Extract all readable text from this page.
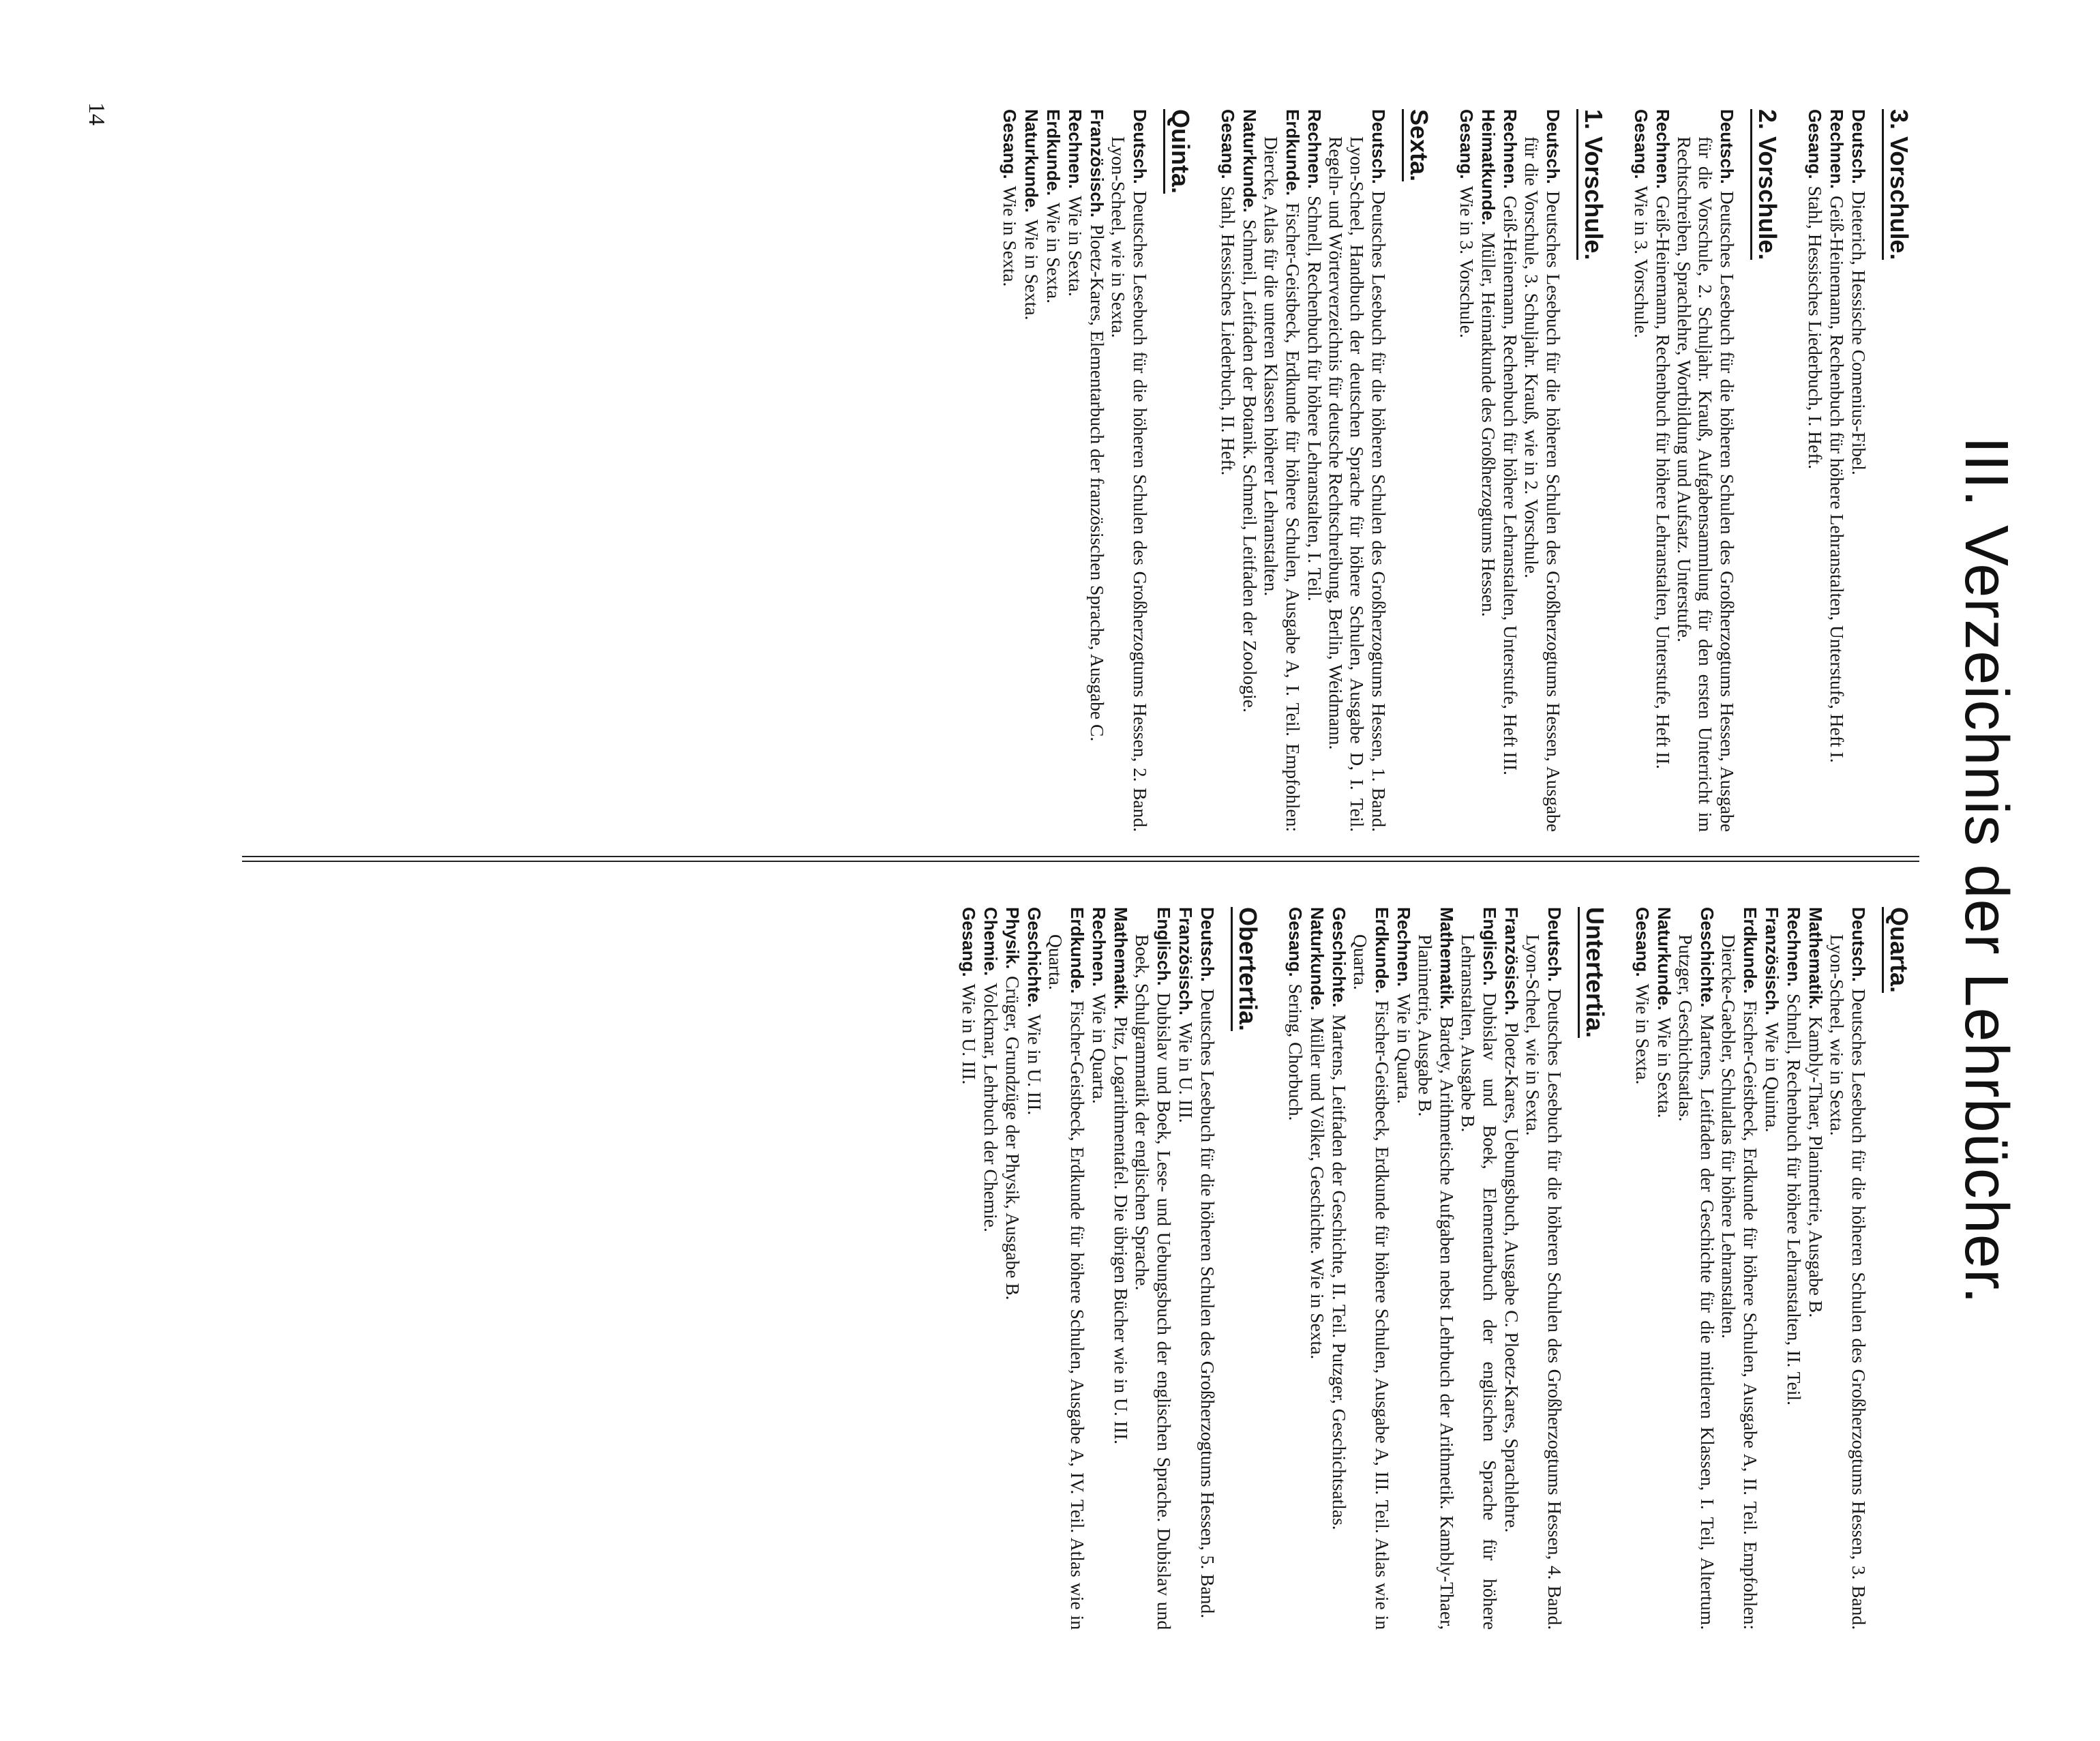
III. Verzeichnis der Lehrbücher.
3. Vorschule.

Deutsch.Dieterich, Hessische Comenius-Fibel.

Rechnen.Geiß-Heinemann, Rechenbuch für höhere Lehranstalten, Unterstufe, Heft I.

Gesang.Stahl, Hessisches Liederbuch, I. Heft.

2. Vorschule.

Deutsch.Deutsches Lesebuch für die höheren Schulen des Großherzogtums Hessen, Ausgabe für die Vorschule, 2. Schuljahr. Krauß, Aufgabensammlung für den ersten Unterricht im Rechtschreiben, Sprachlehre, Wortbildung und Aufsatz. Unterstufe.

Rechnen.Geiß-Heinemann, Rechenbuch für höhere Lehranstalten, Unterstufe, Heft II.

Gesang.Wie in 3. Vorschule.

1. Vorschule.

Deutsch.Deutsches Lesebuch für die höheren Schulen des Großherzogtums Hessen, Ausgabe für die Vorschule, 3. Schuljahr. Krauß, wie in 2. Vorschule.

Rechnen.Geiß-Heinemann, Rechenbuch für höhere Lehranstalten, Unterstufe, Heft III.

Heimatkunde.Müller, Heimatkunde des Großherzogtums Hessen.

Gesang.Wie in 3. Vorschule.

Sexta.

Deutsch.Deutsches Lesebuch für die höheren Schulen des Großherzogtums Hessen, 1. Band. Lyon-Scheel, Handbuch der deutschen Sprache für höhere Schulen, Ausgabe D, I. Teil. Regeln- und Wörterverzeichnis für deutsche Rechtschreibung, Berlin, Weidmann.

Rechnen.Schnell, Rechenbuch für höhere Lehranstalten, I. Teil.

Erdkunde.Fischer-Geistbeck, Erdkunde für höhere Schulen, Ausgabe A, I. Teil. Empfohlen: Diercke, Atlas für die unteren Klassen höherer Lehranstalten.

Naturkunde.Schmeil, Leitfaden der Botanik. Schmeil, Leitfaden der Zoologie.

Gesang.Stahl, Hessisches Liederbuch, II. Heft.

Quinta.

Deutsch.Deutsches Lesebuch für die höheren Schulen des Großherzogtums Hessen, 2. Band. Lyon-Scheel, wie in Sexta.

Französisch.Ploetz-Kares, Elementarbuch der französischen Sprache, Ausgabe C.

Rechnen.Wie in Sexta.

Erdkunde.Wie in Sexta.

Naturkunde.Wie in Sexta.

Gesang.Wie in Sexta.

Quarta.

Deutsch.Deutsches Lesebuch für die höheren Schulen des Großherzogtums Hessen, 3. Band. Lyon-Scheel, wie in Sexta.

Mathematik.Kambly-Thaer, Planimetrie, Ausgabe B.

Rechnen.Schnell, Rechenbuch für höhere Lehranstalten, II. Teil.

Französisch.Wie in Quinta.

Erdkunde.Fischer-Geistbeck, Erdkunde für höhere Schulen, Ausgabe A, II. Teil. Empfohlen: Diercke-Gaebler, Schulatlas für höhere Lehranstalten.

Geschichte.Martens, Leitfaden der Geschichte für die mittleren Klassen, I. Teil, Altertum. Putzger, Geschichtsatlas.

Naturkunde.Wie in Sexta.

Gesang.Wie in Sexta.

Untertertia.

Deutsch.Deutsches Lesebuch für die höheren Schulen des Großherzogtums Hessen, 4. Band. Lyon-Scheel, wie in Sexta.

Französisch.Ploetz-Kares, Uebungsbuch, Ausgabe C. Ploetz-Kares, Sprachlehre.

Englisch.Dubislav und Boek, Elementarbuch der englischen Sprache für höhere Lehranstalten, Ausgabe B.

Mathematik.Bardey, Arithmetische Aufgaben nebst Lehrbuch der Arithmetik. Kambly-Thaer, Planimetrie, Ausgabe B.

Rechnen.Wie in Quarta.

Erdkunde.Fischer-Geistbeck, Erdkunde für höhere Schulen, Ausgabe A, III. Teil. Atlas wie in Quarta.

Geschichte.Martens, Leitfaden der Geschichte, II. Teil. Putzger, Geschichtsatlas.

Naturkunde.Müller und Völker, Geschichte. Wie in Sexta.

Gesang.Sering, Chorbuch.

Obertertia.

Deutsch.Deutsches Lesebuch für die höheren Schulen des Großherzogtums Hessen, 5. Band.

Französisch.Wie in U. III.

Englisch.Dubislav und Boek, Lese- und Uebungsbuch der englischen Sprache. Dubislav und Boek, Schulgrammatik der englischen Sprache.

Mathematik.Pitz, Logarithmentafel. Die übrigen Bücher wie in U. III.

Rechnen.Wie in Quarta.

Erdkunde.Fischer-Geistbeck, Erdkunde für höhere Schulen, Ausgabe A, IV. Teil. Atlas wie in Quarta.

Geschichte.Wie in U. III.

Physik.Crüger, Grundzüge der Physik, Ausgabe B.

Chemie.Volckmar, Lehrbuch der Chemie.

Gesang.Wie in U. III.

14
